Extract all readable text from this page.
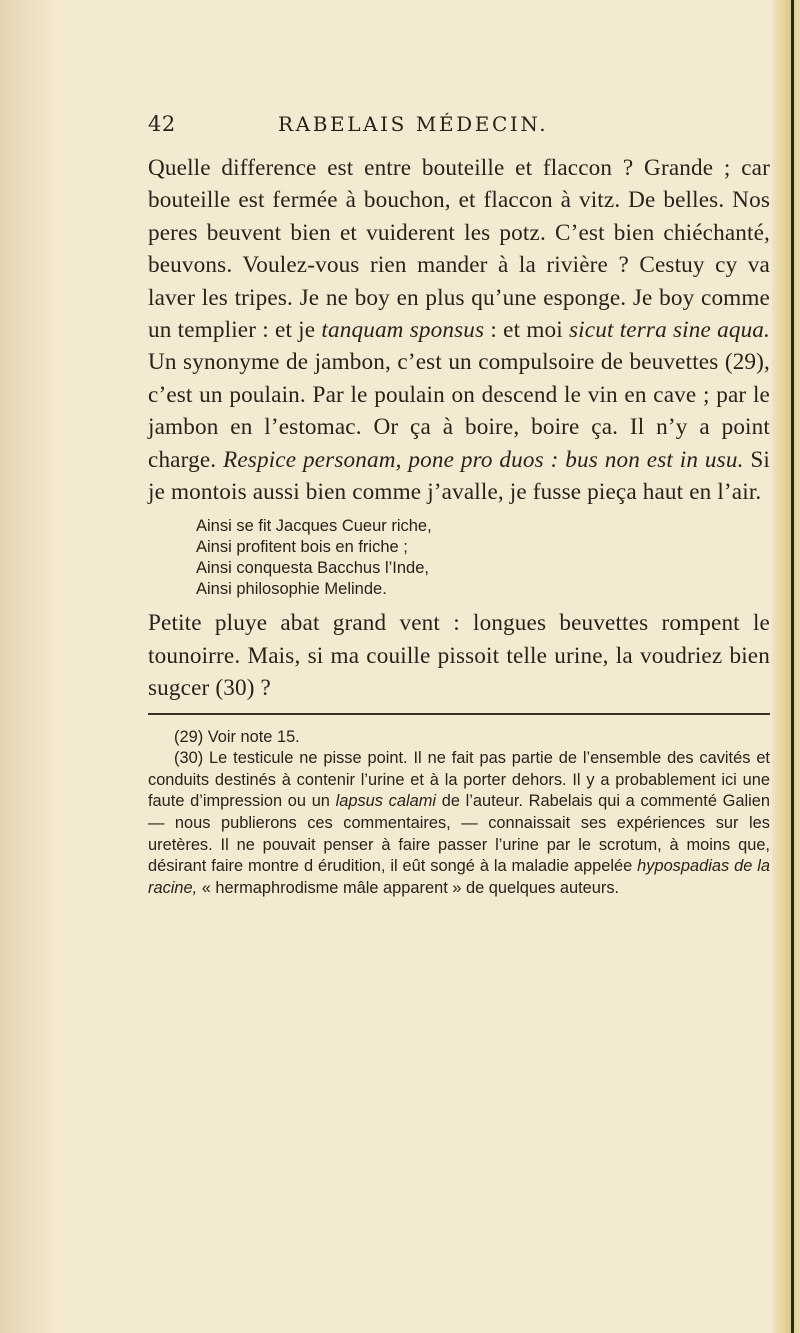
42	RABELAIS MÉDECIN.

Quelle difference est entre bouteille et flaccon ? Grande ; car bouteille est fermée à bouchon, et flaccon à vitz. De belles. Nos peres beuvent bien et vuiderent les potz. C’est bien chiéchanté, beuvons. Voulez-vous rien mander à la rivière ? Cestuy cy va laver les tripes. Je ne boy en plus qu’une esponge. Je boy comme un templier : et je tanquam sponsus : et moi sicut terra sine aqua. Un synonyme de jambon, c’est un compulsoire de beuvettes (29), c’est un poulain. Par le poulain on descend le vin en cave ; par le jambon en l’estomac. Or ça à boire, boire ça. Il n’y a point charge. Respice personam, pone pro duos : bus non est in usu. Si je montois aussi bien comme j’avalle, je fusse pieça haut en l’air.

Ainsi se fit Jacques Cueur riche,
Ainsi profitent bois en friche ;
Ainsi conquesta Bacchus l’Inde,
Ainsi philosophie Melinde.

Petite pluye abat grand vent : longues beuvettes rompent le tounoirre. Mais, si ma couille pissoit telle urine, la voudriez bien sugcer (30) ?

(29) Voir note 15.

(30) Le testicule ne pisse point. Il ne fait pas partie de l’ensemble des cavités et conduits destinés à contenir l’urine et à la porter dehors. Il y a probablement ici une faute d’impression ou un lapsus calami de l’auteur. Rabelais qui a commenté Galien — nous publierons ces commentaires, — connaissait ses expériences sur les uretères. Il ne pouvait penser à faire passer l’urine par le scrotum, à moins que, désirant faire montre d érudition, il eût songé à la maladie appelée hypospadias de la racine, « hermaphrodisme mâle apparent » de quelques auteurs.
